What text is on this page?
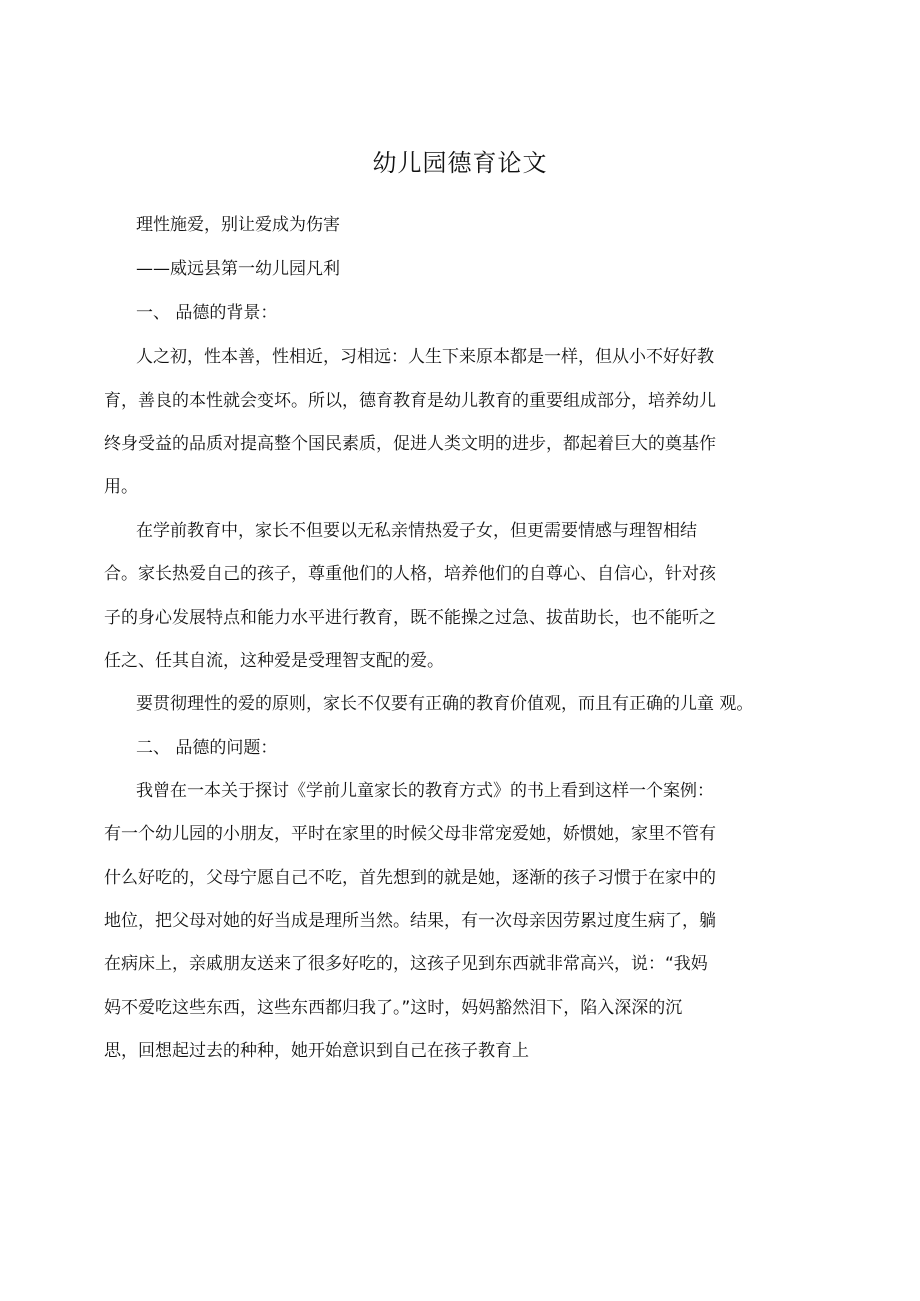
幼儿园德育论文
理性施爱，别让爱成为伤害
——威远县第一幼儿园凡利
一、 品德的背景：
人之初，性本善，性相近，习相远：人生下来原本都是一样，但从小不好好教
育，善良的本性就会变坏。所以，德育教育是幼儿教育的重要组成部分，培养幼儿
终身受益的品质对提高整个国民素质，促进人类文明的进步，都起着巨大的奠基作
用。
在学前教育中，家长不但要以无私亲情热爱子女，但更需要情感与理智相结
合。家长热爱自己的孩子，尊重他们的人格，培养他们的自尊心、自信心，针对孩
子的身心发展特点和能力水平进行教育，既不能操之过急、拔苗助长，也不能听之
任之、任其自流，这种爱是受理智支配的爱。
要贯彻理性的爱的原则，家长不仅要有正确的教育价值观，而且有正确的儿童 观。
二、 品德的问题：
我曾在一本关于探讨《学前儿童家长的教育方式》的书上看到这样一个案例：
有一个幼儿园的小朋友，平时在家里的时候父母非常宠爱她，娇惯她，家里不管有
什么好吃的，父母宁愿自己不吃，首先想到的就是她，逐渐的孩子习惯于在家中的
地位，把父母对她的好当成是理所当然。结果，有一次母亲因劳累过度生病了，躺
在病床上，亲戚朋友送来了很多好吃的，这孩子见到东西就非常高兴，说：“我妈
妈不爱吃这些东西，这些东西都归我了。”这时，妈妈豁然泪下，陷入深深的沉
思，回想起过去的种种，她开始意识到自己在孩子教育上
